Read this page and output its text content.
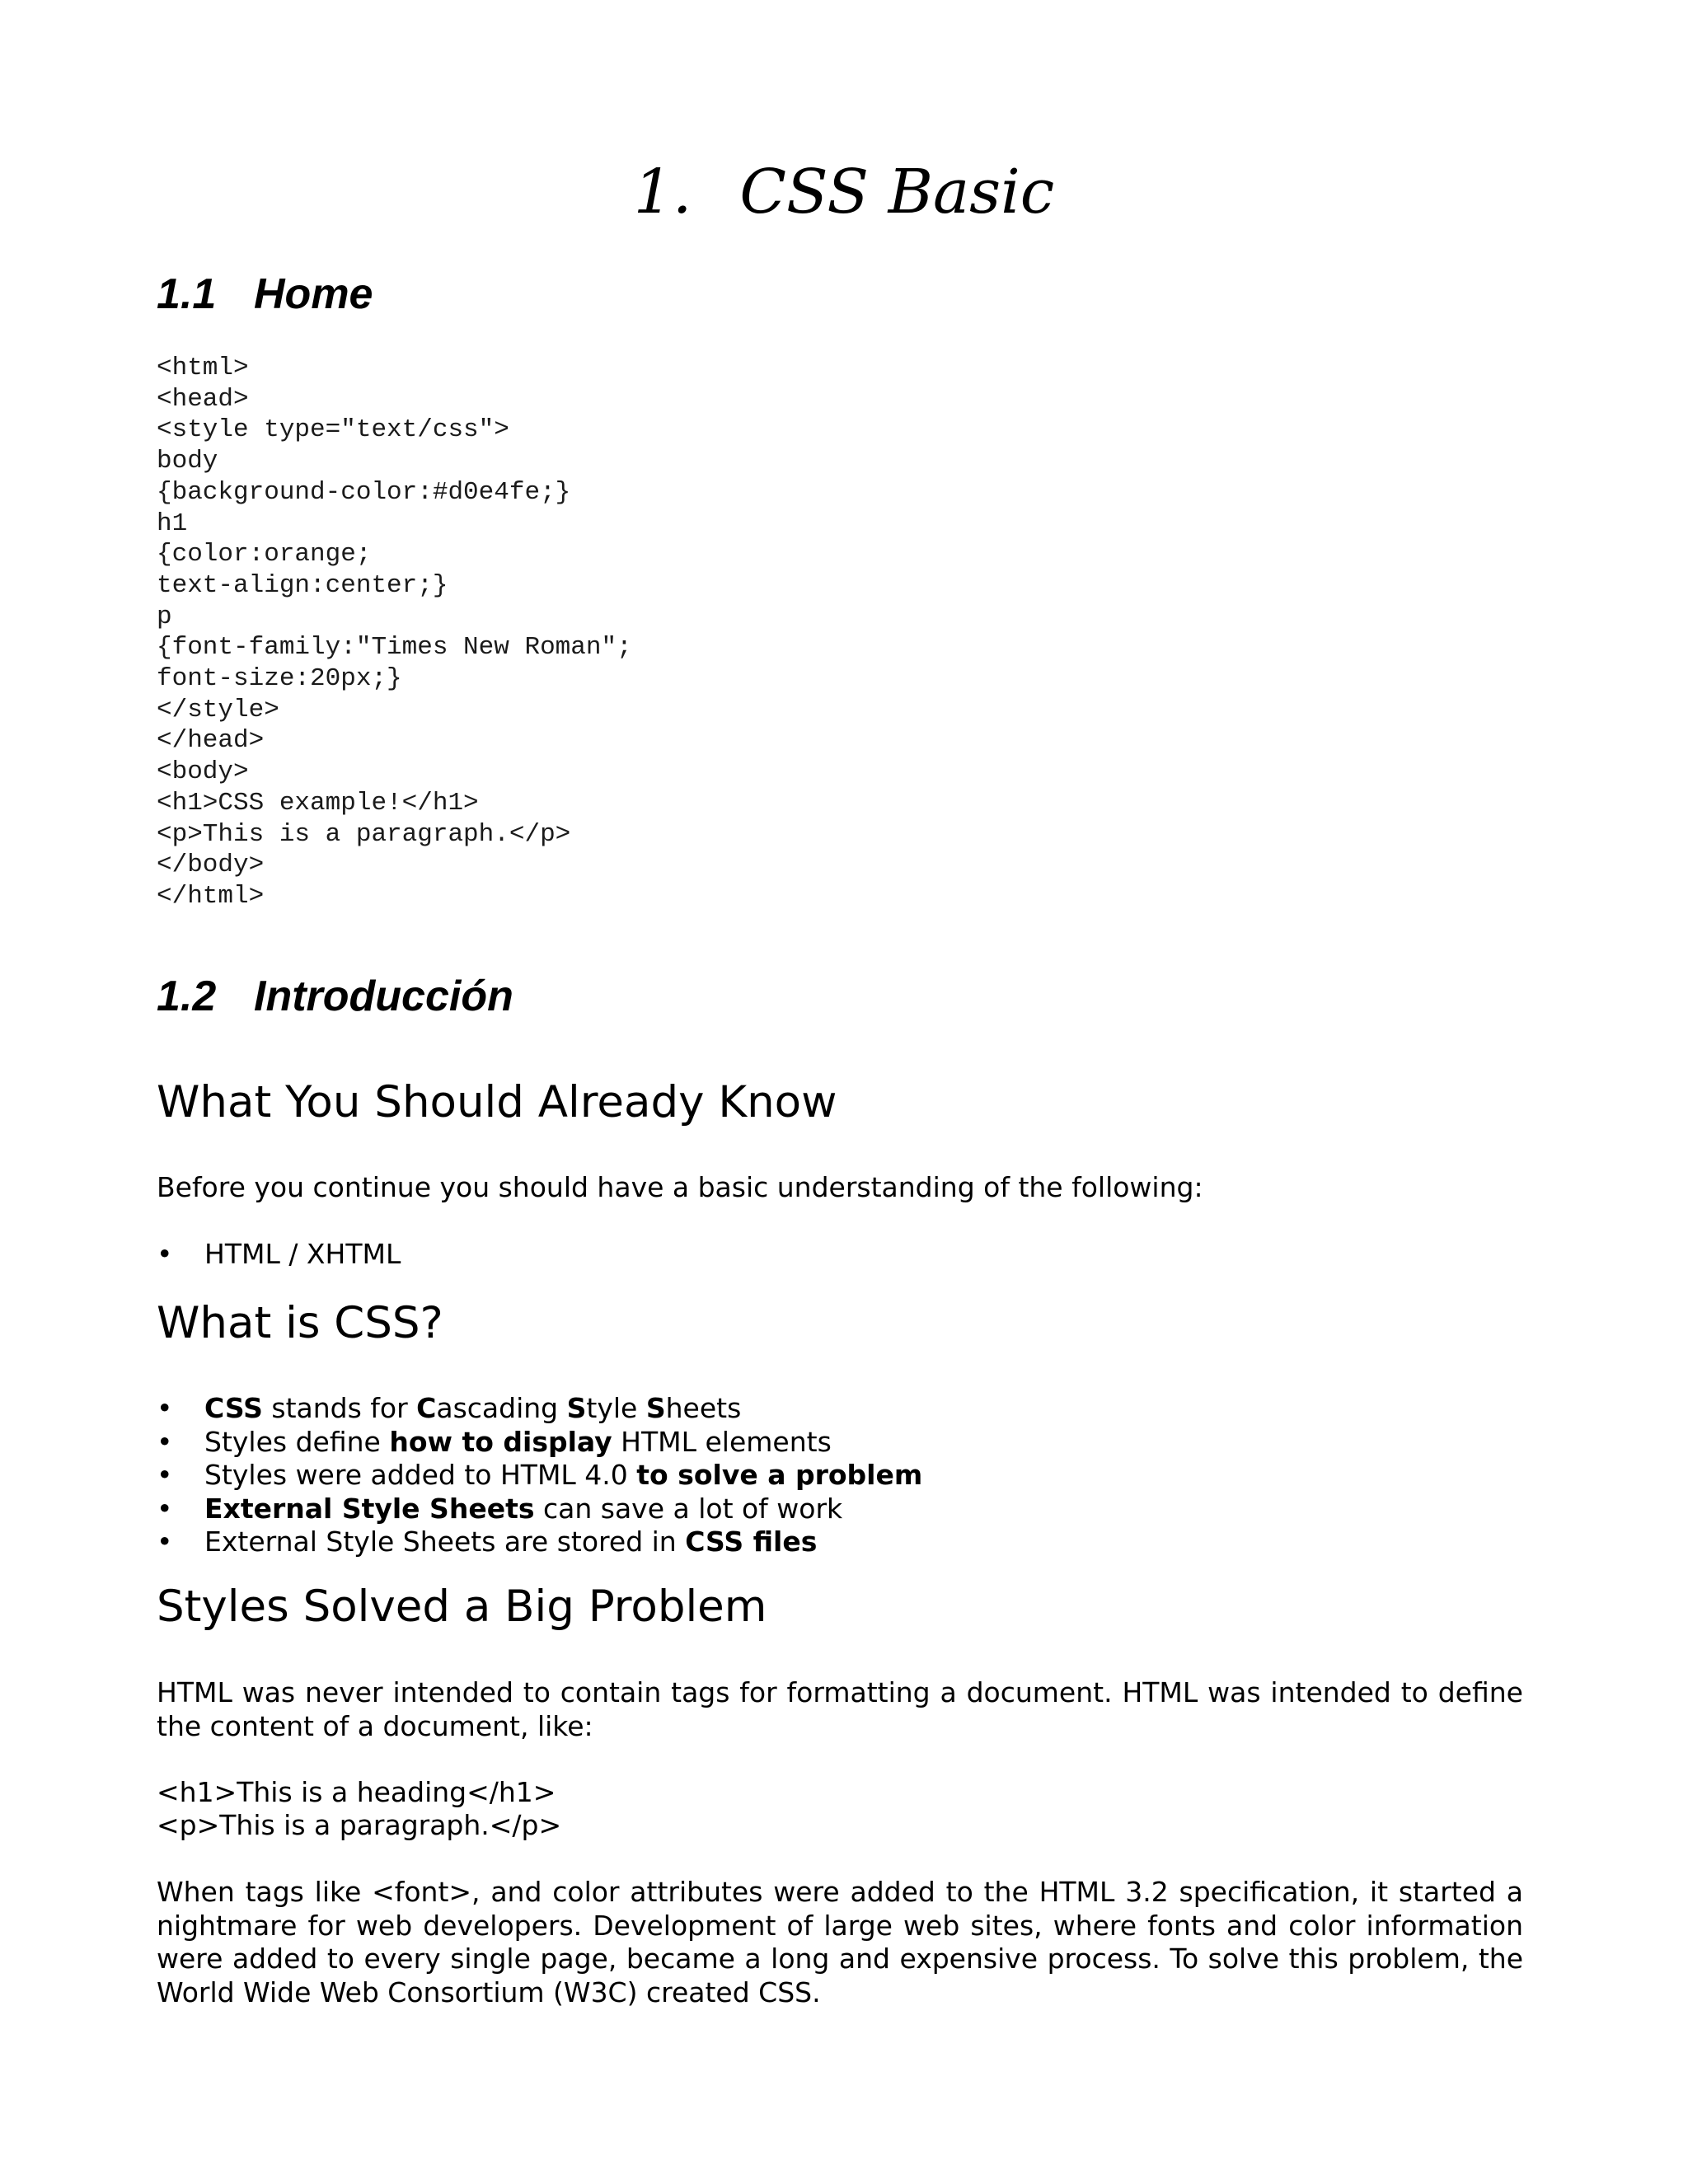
1. CSS Basic
1.1 Home
<html>
<head>
<style type="text/css">
body
{background-color:#d0e4fe;}
h1
{color:orange;
text-align:center;}
p
{font-family:"Times New Roman";
font-size:20px;}
</style>
</head>
<body>
<h1>CSS example!</h1>
<p>This is a paragraph.</p>
</body>
</html>
1.2 Introducción
What You Should Already Know

Before you continue you should have a basic understanding of the following:

• HTML / XHTML
What is CSS?
• CSS stands for Cascading Style Sheets
• Styles define how to display HTML elements
• Styles were added to HTML 4.0 to solve a problem
• External Style Sheets can save a lot of work
• External Style Sheets are stored in CSS files
Styles Solved a Big Problem

HTML was never intended to contain tags for formatting a document. HTML was intended to define the content of a document, like:

<h1>This is a heading</h1>

<p>This is a paragraph.</p>

When tags like <font>, and color attributes were added to the HTML 3.2 specification, it started a nightmare for web developers. Development of large web sites, where fonts and color information were added to every single page, became a long and expensive process. To solve this problem, the World Wide Web Consortium (W3C) created CSS.
